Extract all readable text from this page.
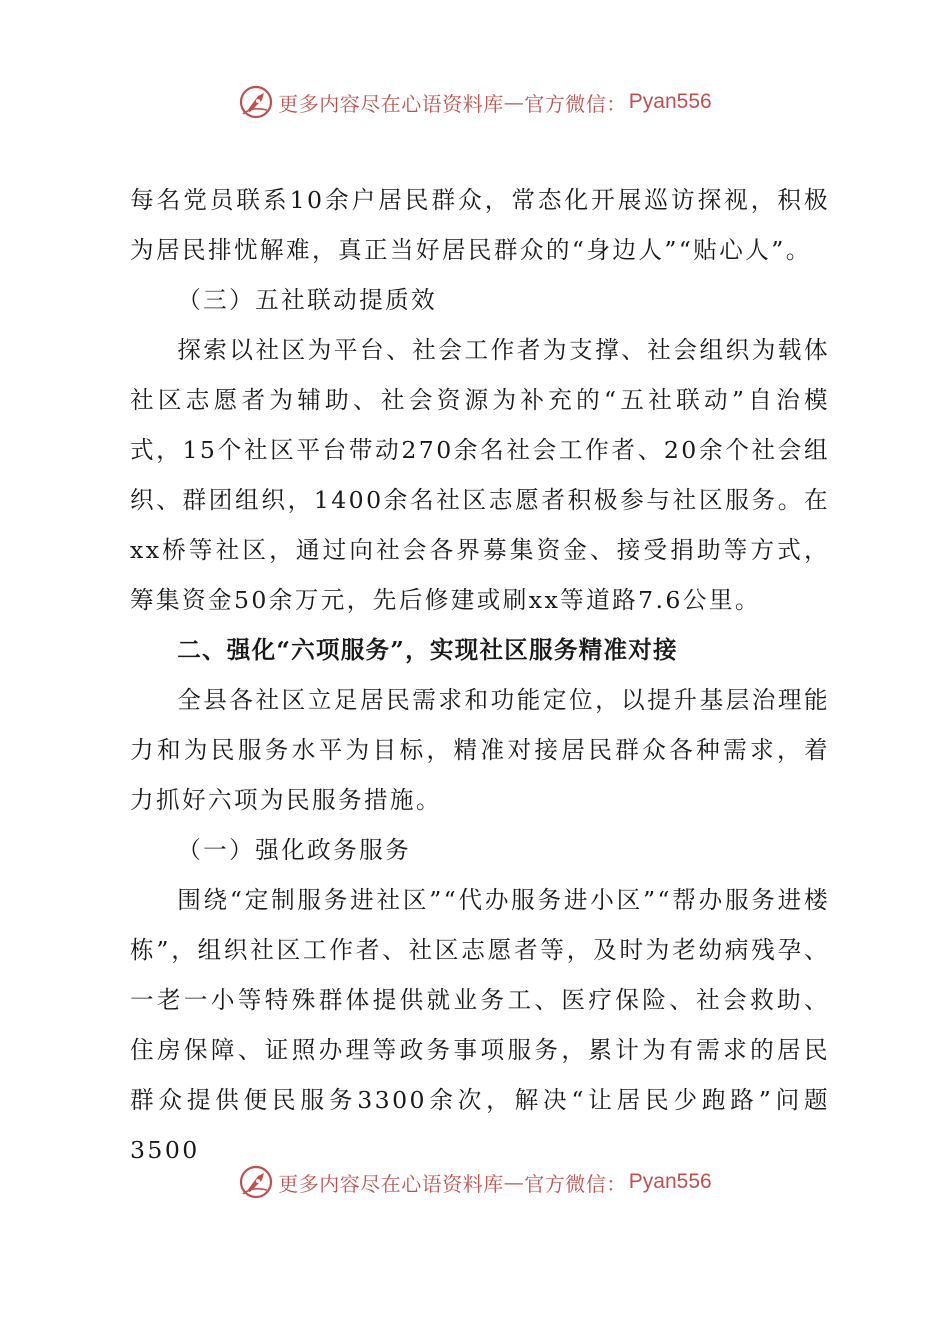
更多内容尽在心语资料库 — 官方微信： Pyan556

每名党员联系10余户居民群众，常态化开展巡访探视，积极为居民排忧解难，真正当好居民群众的“身边人”“贴心人”。

（三）五社联动提质效

探索以社区为平台、社会工作者为支撑、社会组织为载体社区志愿者为辅助、社会资源为补充的“五社联动”自治模式，15个社区平台带动270余名社会工作者、20余个社会组织、群团组织，1400余名社区志愿者积极参与社区服务。在xx桥等社区，通过向社会各界募集资金、接受捐助等方式，筹集资金50余万元，先后修建或刷xx等道路7.6公里。

二、强化“六项服务”，实现社区服务精准对接

全县各社区立足居民需求和功能定位，以提升基层治理能力和为民服务水平为目标，精准对接居民群众各种需求，着力抓好六项为民服务措施。

（一）强化政务服务

围绕“定制服务进社区”“代办服务进小区”“帮办服务进楼栋”，组织社区工作者、社区志愿者等，及时为老幼病残孕、一老一小等特殊群体提供就业务工、医疗保险、社会救助、住房保障、证照办理等政务事项服务，累计为有需求的居民群众提供便民服务3300余次，解决“让居民少跑路”问题3500

更多内容尽在心语资料库 — 官方微信： Pyan556
